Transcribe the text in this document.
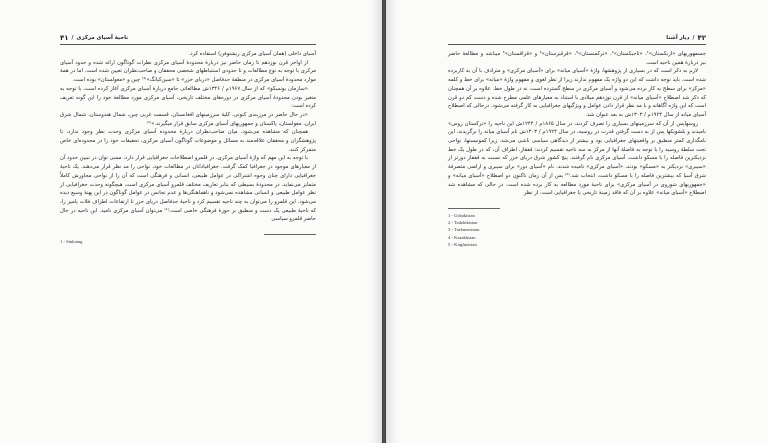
۴۱ / ناحیهٔ آسیای مرکزی

آسیای داخلی (همان آسیای مرکزی ریشتوفن) استفاده کرد.

از اواخر قرن نوزدهم تا زمان حاضر نیز دربارهٔ محدودهٔ آسیای مرکزی نظرات گوناگون ارائه شده و حدود آسیای مرکزی با توجه به نوع مطالعات و تا حدودی استنباطهای شخصی محققان و صاحب‌نظران تعیین شده است. اما در همهٔ موارد محدودهٔ آسیای مرکزی در منطقهٔ حدفاصل «دریای خزر» تا «سین‌کیانگ»⁽¹⁾ چین و «مغولستان» بوده است.

«سازمان یونسکو» که از سال ۱۹۶۷م / ۱۳۴۶ش مطالعاتی جامع دربارهٔ آسیای مرکزی آغاز کرده است، با توجه به متغیر بودن محدودهٔ آسیای مرکزی در دوره‌های مختلف تاریخی، آسیای مرکزی مورد مطالعهٔ خود را این گونه تعریف کرده است:

«در حال حاضر در مرزبندی کنونی، کلیهٔ سرزمینهای افغانستان، قسمت غربی چین، شمال هندوستان، شمال شرق ایران، مغولستان، پاکستان و جمهوریهای آسیای مرکزی سابق قرار میگیرند.»⁽¹⁾

همچنان که مشاهده می‌شود، میان صاحب‌نظران دربارهٔ محدوده آسیای مرکزی وحدت نظر وجود ندارد، تا پژوهشگران و محققان علاقه‌مند به مسائل و موضوعات گوناگون آسیای مرکزی، تحقیقات خود را در محدوده‌ای خاص متمرکز کنند.

با توجه به این مهم که واژهٔ آسیای مرکزی، در قلمرو اصطلاحات جغرافیایی قرار دارد، مسی توان در تبیین حدود آن از معیارهای موجود در جغرافیا کمک گرفت. جغرافیادانان در مطالعات خود، نواحی را مد نظر قرار می‌دهند. یک ناحیهٔ جغرافیایی دارای چنان وجوه اشتراکی در عوامل طبیعی، انسانی و فرهنگی است که آن را از نواحی مجاورش کاملاً متمایز می‌نماید. در محدودهٔ بسیطی که بنابر تعاریف مختلف قلمرو آسیای مرکزی است، هیچگونه وحدت جغرافیایی از نظر عوامل طبیعی و انسانی مشاهده نمی‌شود و ناهماهنگی‌ها و عدم تجانس در عوامل گوناگون در این پهنهٔ وسیع دیده می‌شود. این قلمرو را می‌توان به چند ناحیه تقسیم کرد و ناحیهٔ حدفاصل دریای خزر تا ارتفاعات اطراف فلات پامیر را، که ناحیهٔ طبیعی یک دست و منطبق بر حوزهٔ فرهنگی خاصی است،⁽¹⁾ می‌توان آسیای مرکزی نامید. این ناحیه در حال حاضر قلمرو سیاسی

1 - Sinkiang
۴۲
/
دیار آشنا

جسمهوریهای «ازبکستان»¹، «تاجیکستان»²، «ترکمنستان»³، «قرقیزستان»⁴ و «قزاقستان»⁵ میباشد و مطالعهٔ حاضر نیز دربارهٔ همین ناحیه است.

لازم به ذکر است که در بسیاری از پژوهشها، واژهٔ «آسیای میانه» برای «آسیای مرکزی» و مترادف با آن به کاربرده شده است. باید توجه داشت که این دو واژه یک مفهوم ندارند زیرا از نظر لغوی و مفهوم واژهٔ «میانه» برای خط و کلمه «مرکز» برای سطح به کار برده می‌شود و آسیای مرکزی در سطح گسترده است، نه در طول خط. علاوه بر آن همچنان که ذکر شد اصطلاح «آسیای میانه» از قرن نوزدهم میلادی با استناد به معیارهای علمی مطرح شده و دست کم دو قرن است که این واژه آگاهانه و با مد نظر قرار دادن عوامل و ویژگیهای جغرافیایی به کار گرفته می‌شود. درحالی که اصطلاح آسیای میانه از سال ۱۹۲۴م / ۱۳۰۳ش به بعد عنوان شد.

روسهاپس از آن که سرزمینهای بسیاری را تصرف کردند، در سال ۱۸۶۵م / ۱۲۴۴ش این ناحیه را «ترکستان روس» نامیدند و بلشویکها پس از به دست گرفتن قدرت در روسیه، در سال ۱۹۲۴م / ۱۳۰۳ش نام آسیای میانه را برگزیدند. این نامگذاری کمتر منطبق بر واقعیتهای جغرافیایی بود و بیشتر از دیدگاهی سیاسی ناشی می‌شد. زیرا کمونیستها، نواحی تحت سلطهٔ روسیه را با توجه به فاصلهٔ آنها از مرکز به سه ناحیه تقسیم کردند: قفقاز، اطراف آن، که در طول یک خط نزدیکترین فاصله را با مسکو داشت، آسیای مرکزی نام گرفتند. پنج کشور شرق دریای خزر که نسبت به قفقاز دورتر از «سیبری» نزدیکتر به «مسکو» بودند، «آسیای مرکزی» نامیده شدند. نام «آسیای دور» برای سیبری و اراضی متصرفهٔ شرق آسیا که بیشترین فاصله را با مسکو داشت، انتخاب شد.⁽²⁾ پس از آن زمان تاکنون دو اصطلاح «آسیای میانه» و «جمهوریهای شوروی در آسیای مرکزی» برای ناحیهٔ مورد مطالعه به کار برده شده است. در حالی که مشاهده شد اصطلاح «آسیای میانه» علاوه بر آن که فاقد زمینهٔ تاریخی یا جغرافیایی است، از نظر

1 - Uzbakistan
2 - Tadzhikistan
3 - Turkmenistan
4 - Kazakhstan
5 - Kirghizistan
